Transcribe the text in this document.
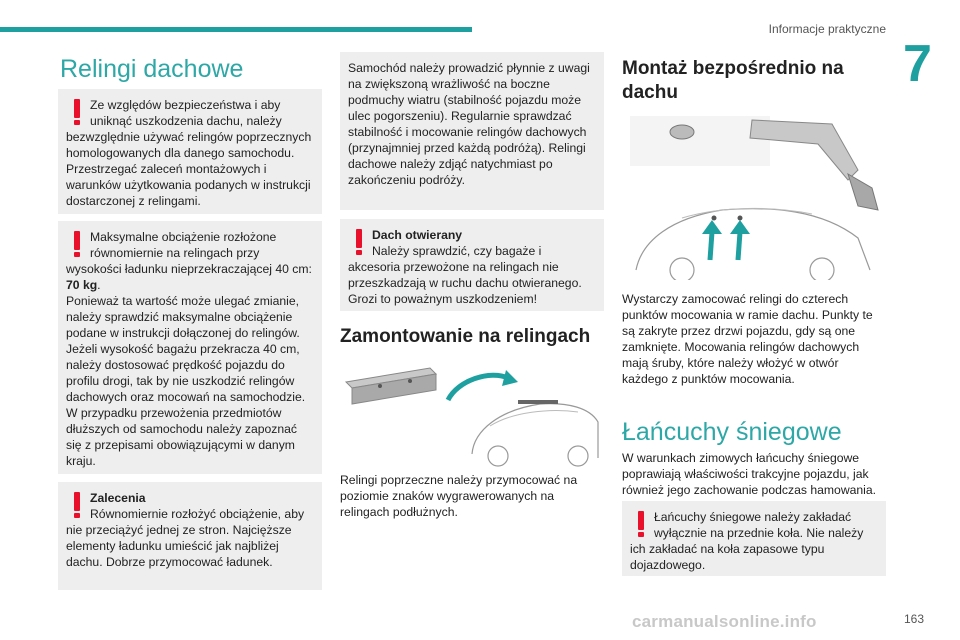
Informacje praktyczne
7
Relingi dachowe
Ze względów bezpieczeństwa i aby uniknąć uszkodzenia dachu, należy
bezwzględnie używać relingów poprzecznych homologowanych dla danego samochodu. Przestrzegać zaleceń montażowych i warunków użytkowania podanych w instrukcji dostarczonej z relingami.
Maksymalne obciążenie rozłożone równomiernie na relingach przy
wysokości ładunku nieprzekraczającej 40 cm:
70 kg.
Ponieważ ta wartość może ulegać zmianie, należy sprawdzić maksymalne obciążenie podane w instrukcji dołączonej do relingów. Jeżeli wysokość bagażu przekracza 40 cm, należy dostosować prędkość pojazdu do profilu drogi, tak by nie uszkodzić relingów dachowych oraz mocowań na samochodzie. W przypadku przewożenia przedmiotów dłuższych od samochodu należy zapoznać się z przepisami obowiązującymi w danym kraju.
Zalecenia
Równomiernie rozłożyć obciążenie, aby
nie przeciążyć jednej ze stron. Najcięższe elementy ładunku umieścić jak najbliżej dachu. Dobrze przymocować ładunek.
Samochód należy prowadzić płynnie z uwagi na zwiększoną wrażliwość na boczne podmuchy wiatru (stabilność pojazdu może ulec pogorszeniu). Regularnie sprawdzać stabilność i mocowanie relingów dachowych (przynajmniej przed każdą podróżą). Relingi dachowe należy zdjąć natychmiast po zakończeniu podróży.
Dach otwierany
Należy sprawdzić, czy bagaże i
akcesoria przewożone na relingach nie przeszkadzają w ruchu dachu otwieranego. Grozi to poważnym uszkodzeniem!
Zamontowanie na relingach
Relingi poprzeczne należy przymocować na poziomie znaków wygrawerowanych na relingach podłużnych.
Montaż bezpośrednio na dachu
Wystarczy zamocować relingi do czterech punktów mocowania w ramie dachu. Punkty te są zakryte przez drzwi pojazdu, gdy są one zamknięte. Mocowania relingów dachowych mają śruby, które należy włożyć w otwór każdego z punktów mocowania.
Łańcuchy śniegowe
W warunkach zimowych łańcuchy śniegowe poprawiają właściwości trakcyjne pojazdu, jak również jego zachowanie podczas hamowania.
Łańcuchy śniegowe należy zakładać wyłącznie na przednie koła. Nie należy
ich zakładać na koła zapasowe typu dojazdowego.
carmanualsonline.info	163
